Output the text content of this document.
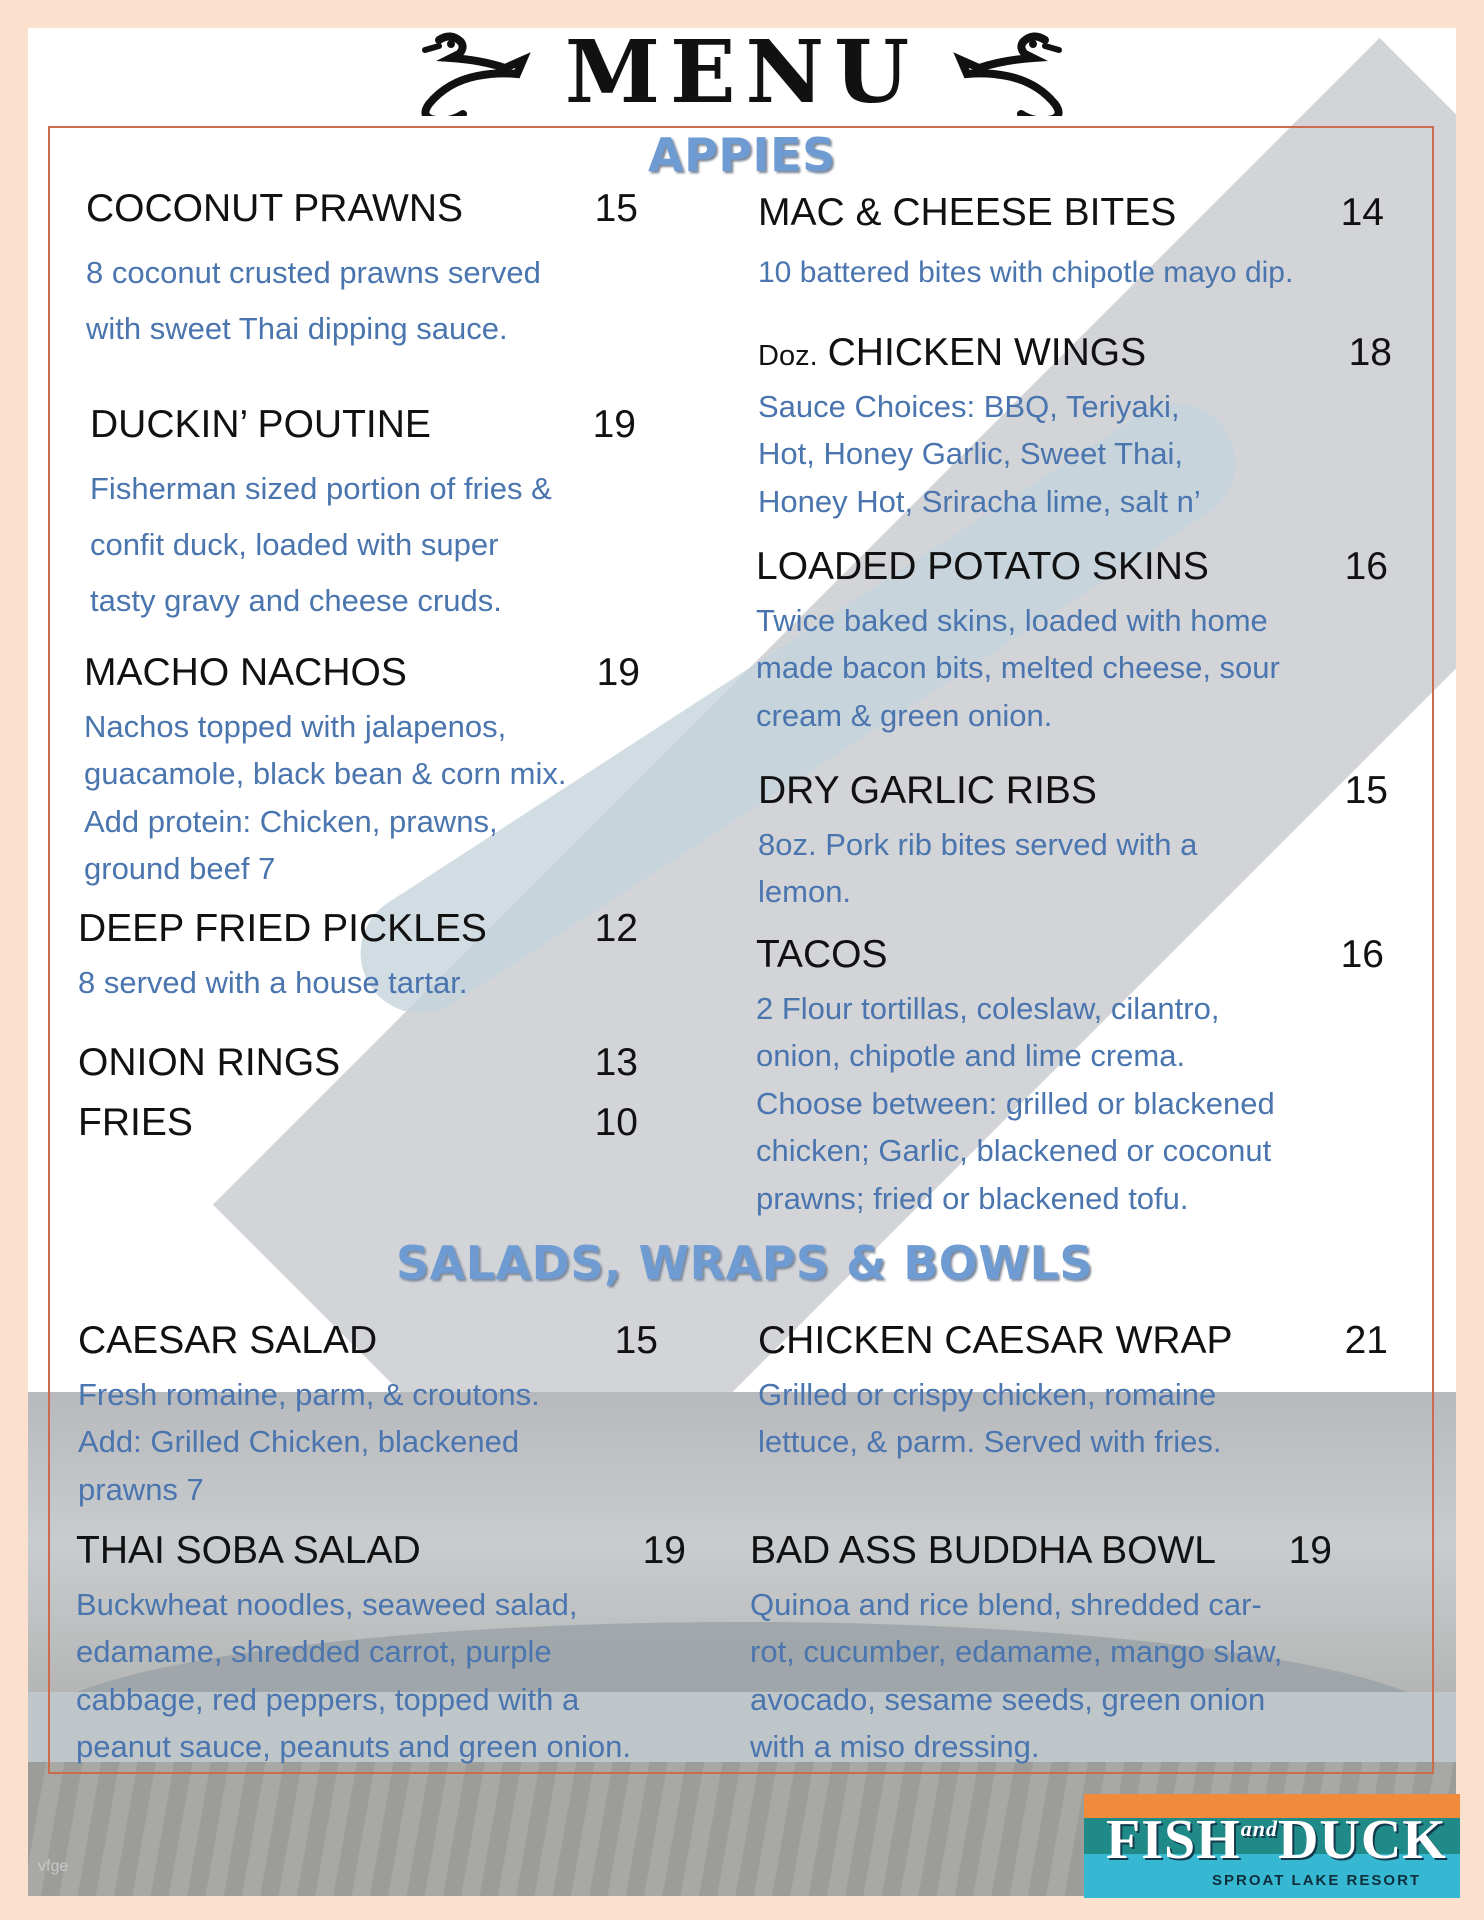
MENU
APPIES
COCONUT PRAWNS	15

8 coconut crusted prawns served

with sweet Thai dipping sauce.

DUCKIN’ POUTINE	19

Fisherman sized portion of fries &

confit duck, loaded with super

tasty gravy and cheese cruds.

MACHO NACHOS	19

Nachos topped with jalapenos,

guacamole, black bean & corn mix.

Add protein: Chicken, prawns,

ground beef 7

DEEP FRIED PICKLES	12

8 served with a house tartar.

ONION RINGS	13
FRIES	10
MAC & CHEESE BITES	14

10 battered bites with chipotle mayo dip.

Doz. CHICKEN WINGS	18

Sauce Choices: BBQ, Teriyaki,

Hot, Honey Garlic, Sweet Thai,

Honey Hot, Sriracha lime, salt n’

LOADED POTATO SKINS	16

Twice baked skins, loaded with home

made bacon bits, melted cheese, sour

cream & green onion.

DRY GARLIC RIBS	15

8oz. Pork rib bites served with a

lemon.

TACOS	16

2 Flour tortillas, coleslaw, cilantro,

onion, chipotle and lime crema.

Choose between: grilled or blackened

chicken; Garlic, blackened or coconut

prawns; fried or blackened tofu.

SALADS, WRAPS & BOWLS
CAESAR SALAD	15

Fresh romaine, parm, & croutons.

Add: Grilled Chicken, blackened

prawns 7

THAI SOBA SALAD	19

Buckwheat noodles, seaweed salad,

edamame, shredded carrot, purple

cabbage, red peppers, topped with a

peanut sauce, peanuts and green onion.

CHICKEN CAESAR WRAP	21

Grilled or crispy chicken, romaine

lettuce, & parm. Served with fries.

BAD ASS BUDDHA BOWL 19

Quinoa and rice blend, shredded car-

rot, cucumber, edamame, mango slaw,

avocado, sesame seeds, green onion

with a miso dressing.

$FISH^{and}DUCK$
SPROAT LAKE RESORT
vfge
